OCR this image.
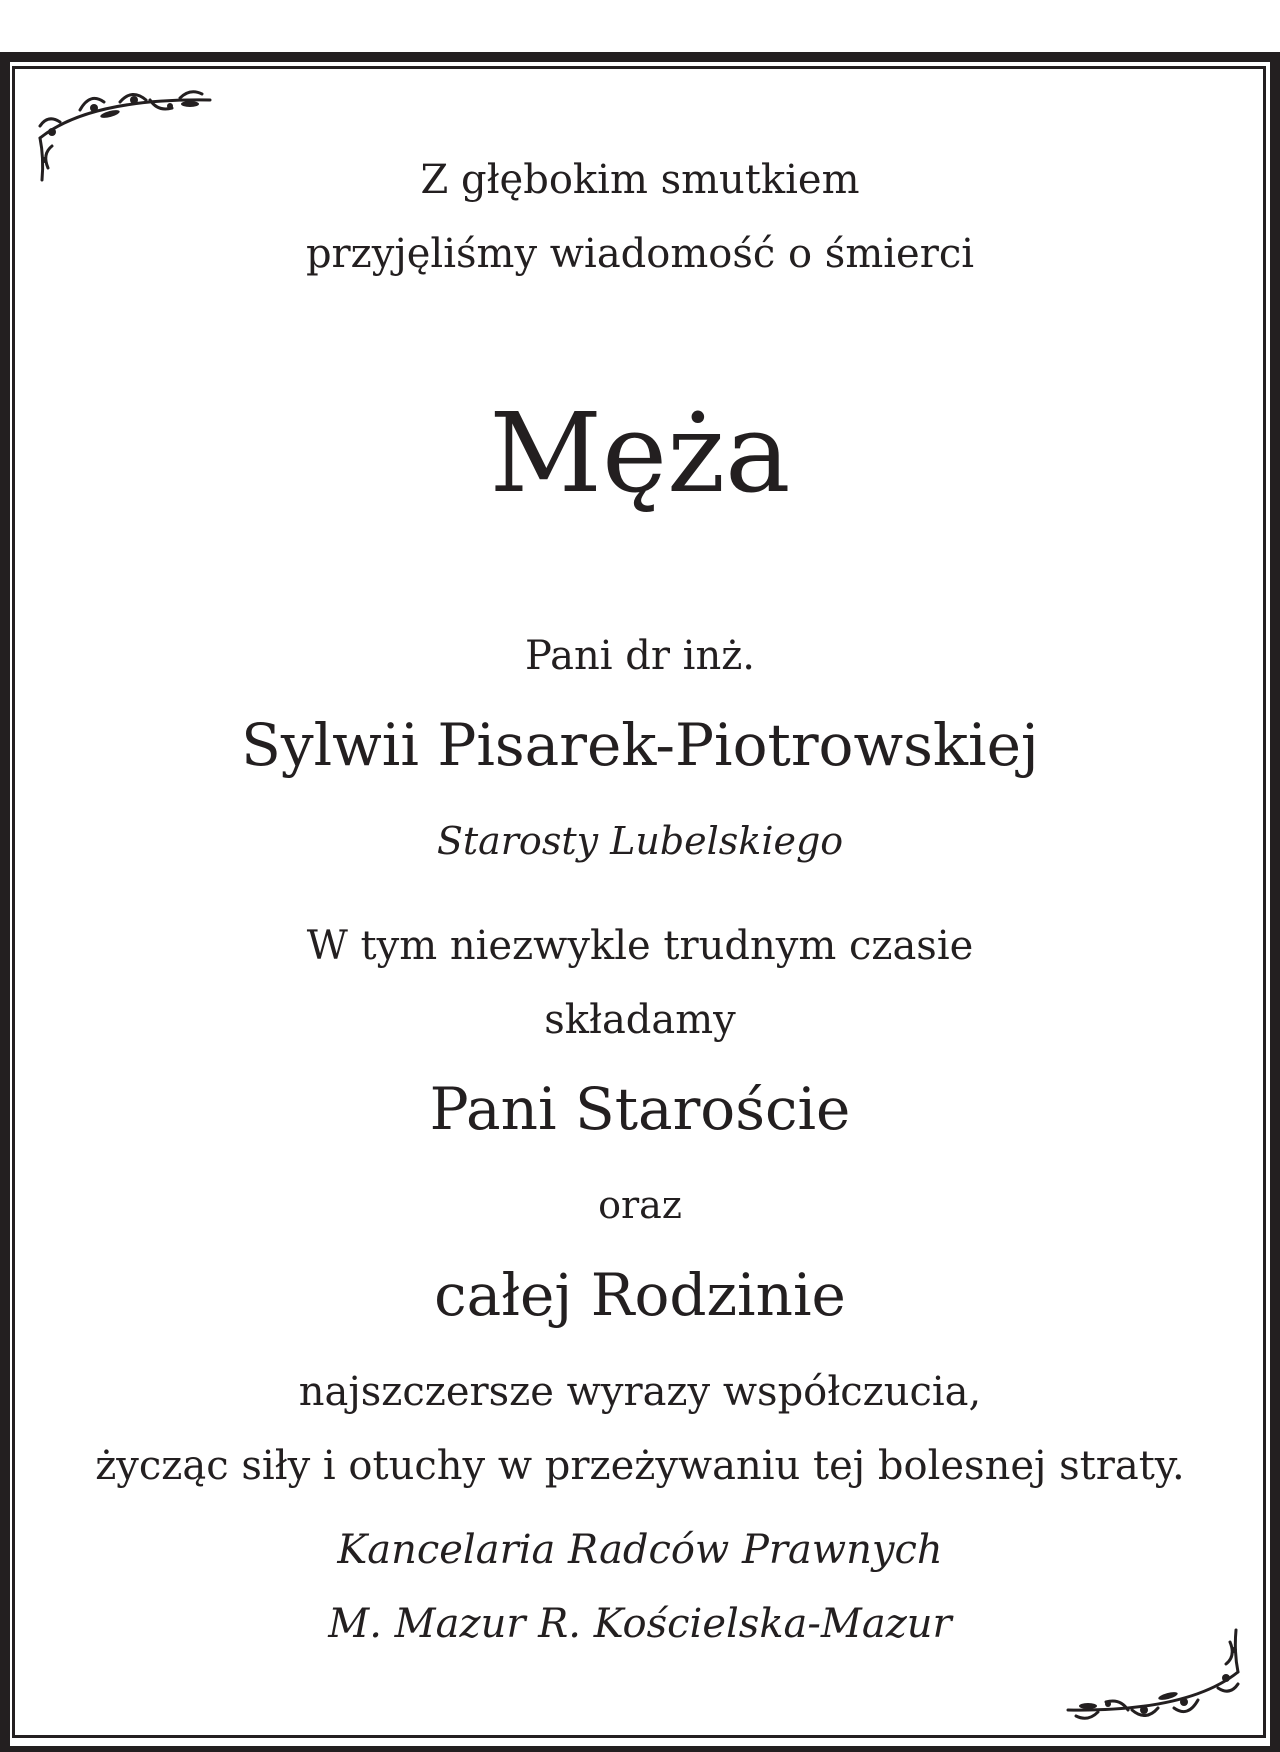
Z głębokim smutkiem
przyjęliśmy wiadomość o śmierci
Męża
Pani dr inż.
Sylwii Pisarek-Piotrowskiej
Starosty Lubelskiego
W tym niezwykle trudnym czasie
składamy
Pani Staroście
oraz
całej Rodzinie
najszczersze wyrazy współczucia,
życząc siły i otuchy w przeżywaniu tej bolesnej straty.
Kancelaria Radców Prawnych
M. Mazur R. Kościelska-Mazur
